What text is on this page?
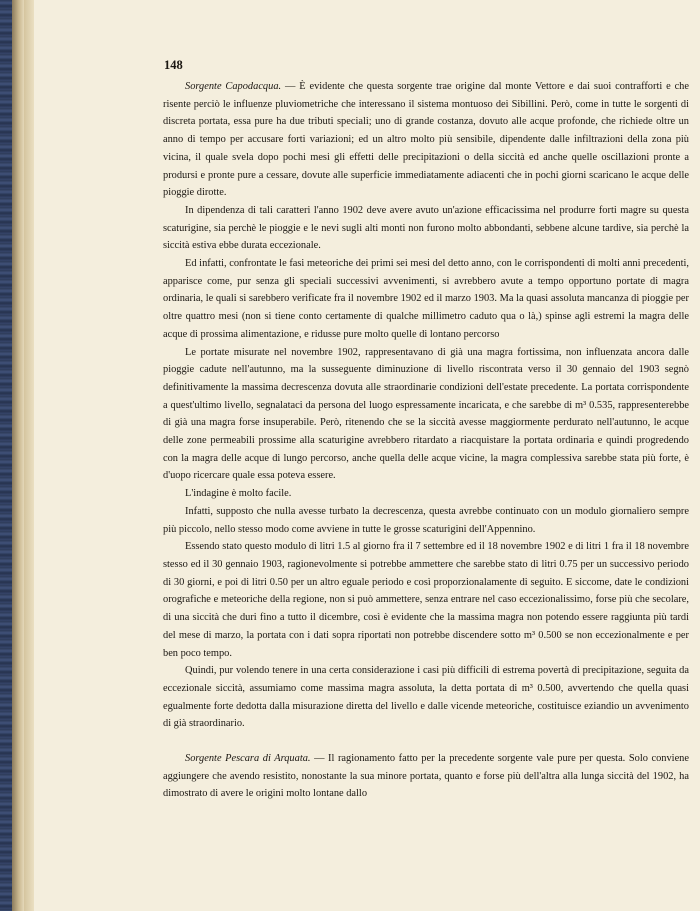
148

Sorgente Capodacqua. — È evidente che questa sorgente trae origine dal monte Vettore e dai suoi contrafforti e che risente perciò le influenze pluviometriche che interessano il sistema montuoso dei Sibillini. Però, come in tutte le sorgenti di discreta portata, essa pure ha due tributi speciali; uno di grande costanza, dovuto alle acque profonde, che richiede oltre un anno di tempo per accusare forti variazioni; ed un altro molto più sensibile, dipendente dalle infiltrazioni della zona più vicina, il quale svela dopo pochi mesi gli effetti delle precipitazioni o della siccità ed anche quelle oscillazioni pronte a prodursi e pronte pure a cessare, dovute alle superficie immediatamente adiacenti che in pochi giorni scaricano le acque delle pioggie dirotte.

In dipendenza di tali caratteri l'anno 1902 deve avere avuto un'azione efficacissima nel produrre forti magre su questa scaturigine, sia perchè le pioggie e le nevi sugli alti monti non furono molto abbondanti, sebbene alcune tardive, sia perchè la siccità estiva ebbe durata eccezionale.

Ed infatti, confrontate le fasi meteoriche dei primi sei mesi del detto anno, con le corrispondenti di molti anni precedenti, apparisce come, pur senza gli speciali successivi avvenimenti, si avrebbero avute a tempo opportuno portate di magra ordinaria, le quali si sarebbero verificate fra il novembre 1902 ed il marzo 1903. Ma la quasi assoluta mancanza di pioggie per oltre quattro mesi (non si tiene conto certamente di qualche millimetro caduto qua o là,) spinse agli estremi la magra delle acque di prossima alimentazione, e ridusse pure molto quelle di lontano percorso

Le portate misurate nel novembre 1902, rappresentavano di già una magra fortissima, non influenzata ancora dalle pioggie cadute nell'autunno, ma la susseguente diminuzione di livello riscontrata verso il 30 gennaio del 1903 segnò definitivamente la massima decrescenza dovuta alle straordinarie condizioni dell'estate precedente. La portata corrispondente a quest'ultimo livello, segnalataci da persona del luogo espressamente incaricata, e che sarebbe di m³ 0.535, rappresenterebbe di già una magra forse insuperabile. Però, ritenendo che se la siccità avesse maggiormente perdurato nell'autunno, le acque delle zone permeabili prossime alla scaturigine avrebbero ritardato a riacquistare la portata ordinaria e quindi progredendo con la magra delle acque di lungo percorso, anche quella delle acque vicine, la magra complessiva sarebbe stata più forte, è d'uopo ricercare quale essa poteva essere.

L'indagine è molto facile.

Infatti, supposto che nulla avesse turbato la decrescenza, questa avrebbe continuato con un modulo giornaliero sempre più piccolo, nello stesso modo come avviene in tutte le grosse scaturigini dell'Appennino.

Essendo stato questo modulo di litri 1.5 al giorno fra il 7 settembre ed il 18 novembre 1902 e di litri 1 fra il 18 novembre stesso ed il 30 gennaio 1903, ragionevolmente si potrebbe ammettere che sarebbe stato di litri 0.75 per un successivo periodo di 30 giorni, e poi di litri 0.50 per un altro eguale periodo e così proporzionalamente di seguito. E siccome, date le condizioni orografiche e meteoriche della regione, non si può ammettere, senza entrare nel caso eccezionalissimo, forse più che secolare, di una siccità che duri fino a tutto il dicembre, così è evidente che la massima magra non potendo essere raggiunta più tardi del mese di marzo, la portata con i dati sopra riportati non potrebbe discendere sotto m³ 0.500 se non eccezionalmente e per ben poco tempo.

Quindi, pur volendo tenere in una certa considerazione i casi più difficili di estrema povertà di precipitazione, seguita da eccezionale siccità, assumiamo come massima magra assoluta, la detta portata di m³ 0.500, avvertendo che quella quasi egualmente forte dedotta dalla misurazione diretta del livello e dalle vicende meteoriche, costituisce eziandio un avvenimento di già straordinario.

Sorgente Pescara di Arquata. — Il ragionamento fatto per la precedente sorgente vale pure per questa. Solo conviene aggiungere che avendo resistito, nonostante la sua minore portata, quanto e forse più dell'altra alla lunga siccità del 1902, ha dimostrato di avere le origini molto lontane dallo
